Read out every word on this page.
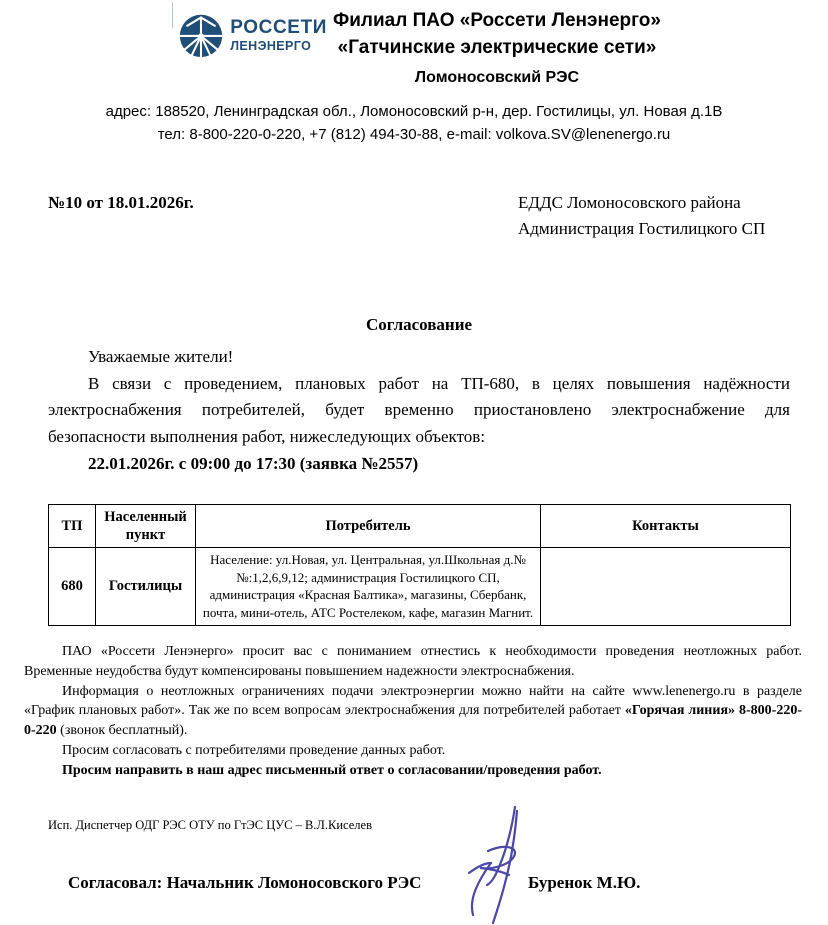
РОССЕТИ
ЛЕНЭНЕРГО
Филиал ПАО «Россети Ленэнерго»
«Гатчинские электрические сети»
Ломоносовский РЭС
адрес: 188520, Ленинградская обл., Ломоносовский р-н, дер. Гостилицы, ул. Новая д.1В
тел: 8-800-220-0-220, +7 (812) 494-30-88, e-mail: volkova.SV@lenenergo.ru
№10 от 18.01.2026г.	ЕДДС Ломоносовского района
Администрация Гостилицкого СП
Согласование
Уважаемые жители!
В связи с проведением, плановых работ на ТП-680, в целях повышения надёжности электроснабжения потребителей, будет временно приостановлено электроснабжение для безопасности выполнения работ, нижеследующих объектов:
22.01.2026г. с 09:00 до 17:30 (заявка №2557)
ТП	Населенный пункт	Потребитель	Контакты
680	Гостилицы	Население: ул.Новая, ул. Центральная, ул.Школьная д.№№:1,2,6,9,12; администрация Гостилицкого СП, администрация «Красная Балтика», магазины, Сбербанк, почта, мини-отель, АТС Ростелеком, кафе, магазин Магнит.	

ПАО «Россети Ленэнерго» просит вас с пониманием отнестись к необходимости проведения неотложных работ. Временные неудобства будут компенсированы повышением надежности электроснабжения.

Информация о неотложных ограничениях подачи электроэнергии можно найти на сайте www.lenenergo.ru в разделе «График плановых работ». Так же по всем вопросам электроснабжения для потребителей работает «Горячая линия» 8-800-220-0-220 (звонок бесплатный).

Просим согласовать с потребителями проведение данных работ.

Просим направить в наш адрес письменный ответ о согласовании/проведения работ.

Согласовал: Начальник Ломоносовского РЭС	Буренок М.Ю.
Исп. Диспетчер ОДГ РЭС ОТУ по ГтЭС ЦУС – В.Л.Киселев
